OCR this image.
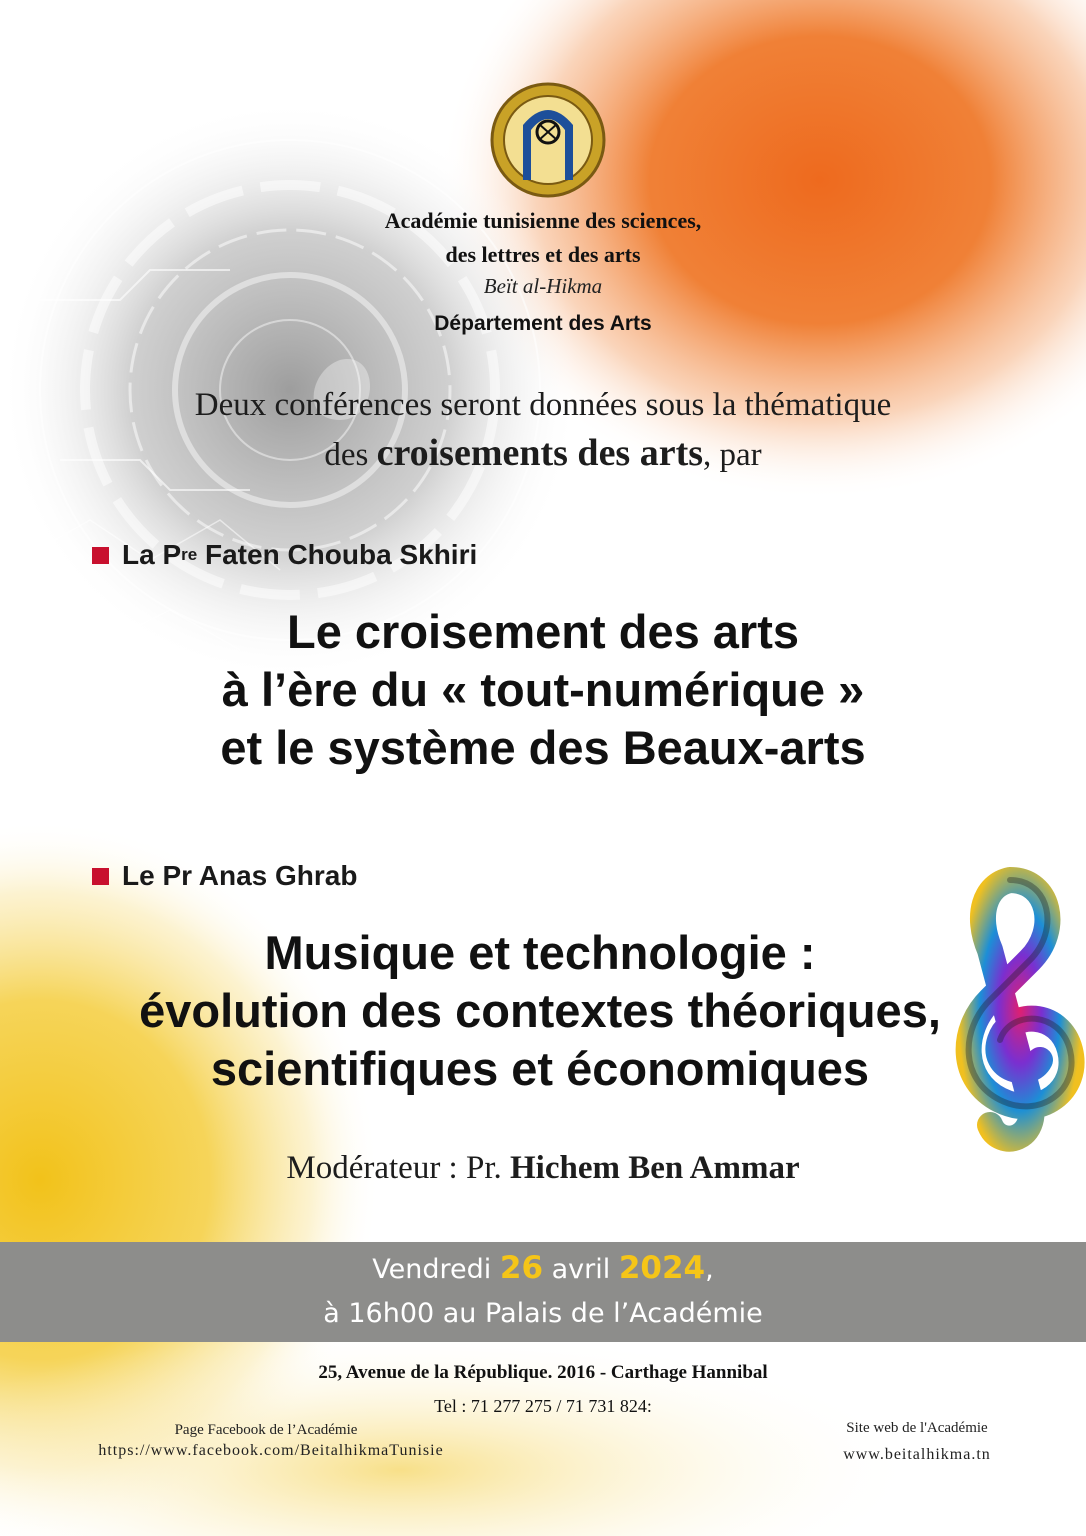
Académie tunisienne des sciences,
des lettres et des arts
Beït al-Hikma
Département des Arts
Deux conférences seront données sous la thématique
des croisements des arts, par
La P re
Faten Chouba Skhiri
Le croisement des arts
à l’ère du « tout-numérique »
et le système des Beaux-arts
Le Pr Anas Ghrab
Musique et technologie :
évolution des contextes théoriques,
scientifiques et économiques
Modérateur : Pr. Hichem Ben Ammar
Vendredi 26 avril 2024,
à 16h00 au Palais de l’Académie
25, Avenue de la République. 2016 - Carthage Hannibal
Tel : 71 277 275 / 71 731 824:
Page Facebook de l’Académie
https://www.facebook.com/BeitalhikmaTunisie
Site web de l'Académie
www.beitalhikma.tn
